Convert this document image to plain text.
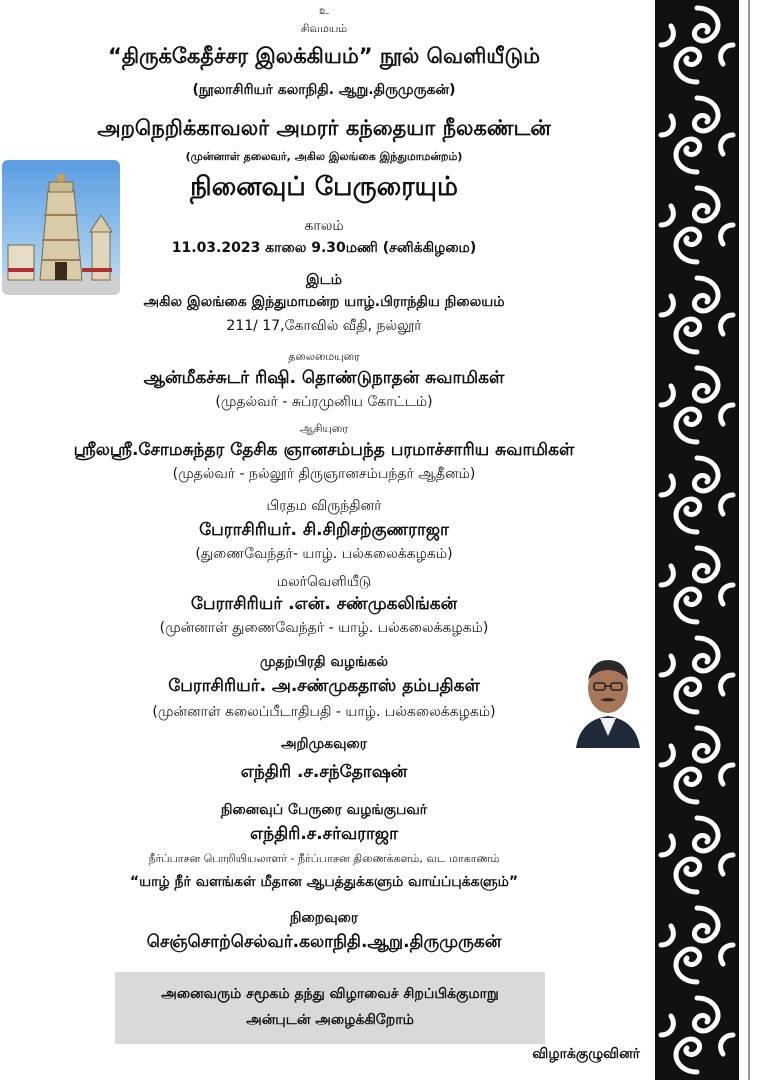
உ
சிவமயம்
“திருக்கேதீச்சர இலக்கியம்” நூல் வெளியீடும்
(நூலாசிரியர் கலாநிதி. ஆறு.திருமுருகன்)
அறநெறிக்காவலர் அமரர் கந்தையா நீலகண்டன்
(முன்னாள் தலைவர், அகில இலங்கை இந்துமாமன்றம்)
நினைவுப் பேருரையும்
காலம்
11.03.2023 காலை 9.30மணி (சனிக்கிழமை)
இடம்
அகில இலங்கை இந்துமாமன்ற யாழ்.பிராந்திய நிலையம்
211/ 17,கோவில் வீதி, நல்லூர்
தலைமையுரை
ஆன்மீகச்சுடர் ரிஷி. தொண்டுநாதன் சுவாமிகள்
(முதல்வர் - சுப்ரமுனிய கோட்டம்)
ஆசியுரை
ஸ்ரீலஸ்ரீ.சோமசுந்தர தேசிக ஞானசம்பந்த பரமாச்சாரிய சுவாமிகள்
(முதல்வர் - நல்லூர் திருஞானசம்பந்தர் ஆதீனம்)
பிரதம விருந்தினர்
பேராசிரியர். சி.சிறிசற்குணராஜா
(துணைவேந்தர்- யாழ். பல்கலைக்கழகம்)
மலர்வெளியீடு
பேராசிரியர் .என். சண்முகலிங்கன்
(முன்னாள் துணைவேந்தர் - யாழ். பல்கலைக்கழகம்)
முதற்பிரதி வழங்கல்
பேராசிரியர். அ.சண்முகதாஸ் தம்பதிகள்
(முன்னாள் கலைப்பீடாதிபதி - யாழ். பல்கலைக்கழகம்)
அறிமுகவுரை
எந்திரி .ச.சந்தோஷன்
நினைவுப் பேருரை வழங்குபவர்
எந்திரி.ச.சர்வராஜா
நீர்ப்பாசன பொறியியலாளர் - நீர்ப்பாசன திணைக்களம், வட மாகாணம்
“யாழ் நீர் வளங்கள் மீதான ஆபத்துக்களும் வாய்ப்புக்களும்”
நிறைவுரை
செஞ்சொற்செல்வர்.கலாநிதி.ஆறு.திருமுருகன்
அனைவரும் சமூகம் தந்து விழாவைச் சிறப்பிக்குமாறு
அன்புடன் அழைக்கிறோம்
விழாக்குழுவினர்
